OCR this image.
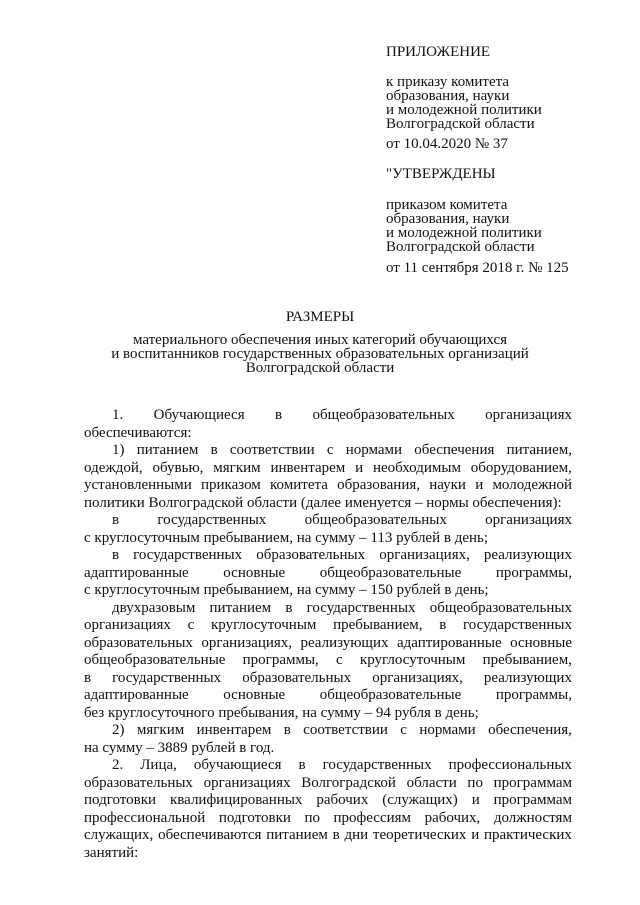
ПРИЛОЖЕНИЕ
к приказу комитета
образования, науки
и молодежной политики
Волгоградской области
от 10.04.2020 № 37
"УТВЕРЖДЕНЫ
приказом комитета
образования, науки
и молодежной политики
Волгоградской области
от 11 сентября 2018 г. № 125
РАЗМЕРЫ
материального обеспечения иных категорий обучающихся
и воспитанников государственных образовательных организаций
Волгоградской области
1. Обучающиеся в общеобразовательных организациях
обеспечиваются:
1) питанием в соответствии с нормами обеспечения питанием,
одеждой, обувью, мягким инвентарем и необходимым оборудованием,
установленными приказом комитета образования, науки и молодежной
политики Волгоградской области (далее именуется – нормы обеспечения):
в	государственных	общеобразовательных	организациях
с круглосуточным пребыванием, на сумму – 113 рублей в день;
в государственных образовательных организациях, реализующих
адаптированные основные общеобразовательные программы,
с круглосуточным пребыванием, на сумму – 150 рублей в день;
двухразовым питанием в государственных общеобразовательных
организациях с круглосуточным пребыванием, в государственных
образовательных организациях, реализующих адаптированные основные
общеобразовательные программы, с круглосуточным пребыванием,
в государственных образовательных организациях, реализующих
адаптированные основные общеобразовательные программы,
без круглосуточного пребывания, на сумму – 94 рубля в день;
2) мягким инвентарем в соответствии с нормами обеспечения,
на сумму – 3889 рублей в год.
2. Лица, обучающиеся в государственных профессиональных
образовательных организациях Волгоградской области по программам
подготовки квалифицированных рабочих (служащих) и программам
профессиональной подготовки по профессиям рабочих, должностям
служащих, обеспечиваются питанием в дни теоретических и практических
занятий:
